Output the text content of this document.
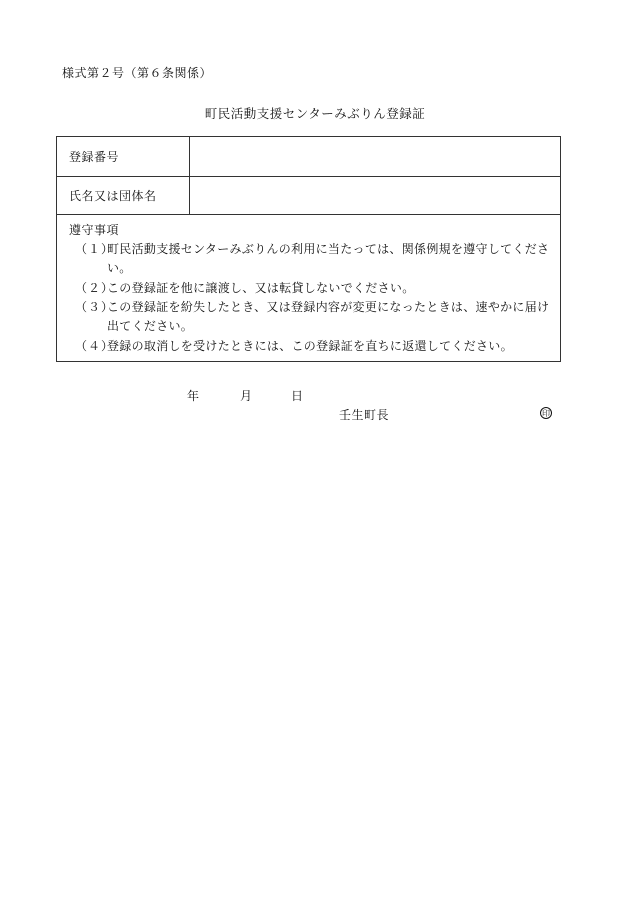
様式第２号（第６条関係）
町民活動支援センターみぶりん登録証
登録番号
氏名又は団体名
遵守事項
（１）
町民活動支援センターみぶりんの利用に当たっては、関係例規を遵守してください。
（２）
この登録証を他に譲渡し、又は転貸しないでください。
（３）
この登録証を紛失したとき、又は登録内容が変更になったときは、速やかに届け出てください。
（４）
登録の取消しを受けたときには、この登録証を直ちに返還してください。
年	月	日
壬生町長	印
